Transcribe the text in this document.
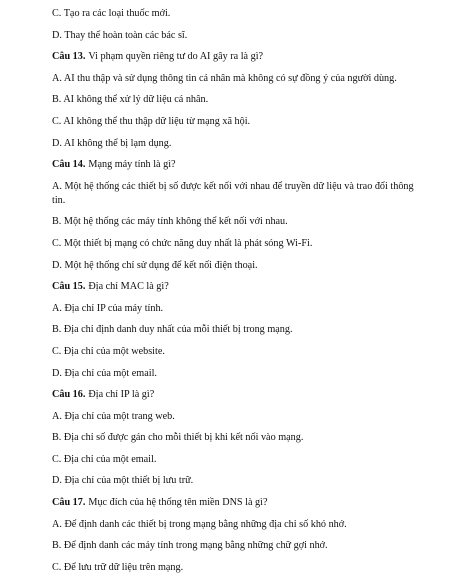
C. Tạo ra các loại thuốc mới.
D. Thay thế hoàn toàn các bác sĩ.
Câu 13. Vi phạm quyền riêng tư do AI gây ra là gì?
A. AI thu thập và sử dụng thông tin cá nhân mà không có sự đồng ý của người dùng.
B. AI không thể xử lý dữ liệu cá nhân.
C. AI không thể thu thập dữ liệu từ mạng xã hội.
D. AI không thể bị lạm dụng.
Câu 14. Mạng máy tính là gì?
A. Một hệ thống các thiết bị số được kết nối với nhau để truyền dữ liệu và trao đổi thông tin.
B. Một hệ thống các máy tính không thể kết nối với nhau.
C. Một thiết bị mạng có chức năng duy nhất là phát sóng Wi-Fi.
D. Một hệ thống chỉ sử dụng để kết nối điện thoại.
Câu 15. Địa chỉ MAC là gì?
A. Địa chỉ IP của máy tính.
B. Địa chỉ định danh duy nhất của mỗi thiết bị trong mạng.
C. Địa chỉ của một website.
D. Địa chỉ của một email.
Câu 16. Địa chỉ IP là gì?
A. Địa chỉ của một trang web.
B. Địa chỉ số được gán cho mỗi thiết bị khi kết nối vào mạng.
C. Địa chỉ của một email.
D. Địa chỉ của một thiết bị lưu trữ.
Câu 17. Mục đích của hệ thống tên miền DNS là gì?
A. Để định danh các thiết bị trong mạng bằng những địa chỉ số khó nhớ.
B. Để định danh các máy tính trong mạng bằng những chữ gợi nhớ.
C. Để lưu trữ dữ liệu trên mạng.
